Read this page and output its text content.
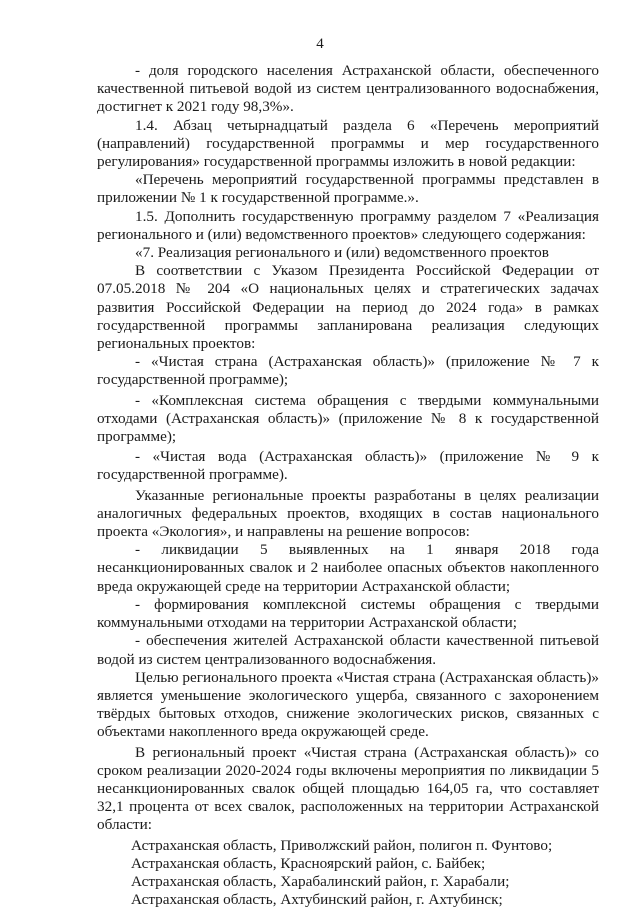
4

- доля городского населения Астраханской области, обеспеченного качественной питьевой водой из систем централизованного водоснабжения, достигнет к 2021 году 98,3%».

1.4. Абзац четырнадцатый раздела 6 «Перечень мероприятий (направлений) государственной программы и мер государственного регулирования» государственной программы изложить в новой редакции:

«Перечень мероприятий государственной программы представлен в приложении № 1 к государственной программе.».

1.5. Дополнить государственную программу разделом 7 «Реализация регионального и (или) ведомственного проектов» следующего содержания:

«7. Реализация регионального и (или) ведомственного проектов

В соответствии с Указом Президента Российской Федерации от 07.05.2018 № 204 «О национальных целях и стратегических задачах развития Российской Федерации на период до 2024 года» в рамках государственной программы запланирована реализация следующих региональных проектов:

- «Чистая страна (Астраханская область)» (приложение № 7 к государственной программе);

- «Комплексная система обращения с твердыми коммунальными отходами (Астраханская область)» (приложение № 8 к государственной программе);

- «Чистая вода (Астраханская область)» (приложение № 9 к государственной программе).

Указанные региональные проекты разработаны в целях реализации аналогичных федеральных проектов, входящих в состав национального проекта «Экология», и направлены на решение вопросов:

- ликвидации 5 выявленных на 1 января 2018 года несанкционированных свалок и 2 наиболее опасных объектов накопленного вреда окружающей среде на территории Астраханской области;

- формирования комплексной системы обращения с твердыми коммунальными отходами на территории Астраханской области;

- обеспечения жителей Астраханской области качественной питьевой водой из систем централизованного водоснабжения.

Целью регионального проекта «Чистая страна (Астраханская область)» является уменьшение экологического ущерба, связанного с захоронением твёрдых бытовых отходов, снижение экологических рисков, связанных с объектами накопленного вреда окружающей среде.

В региональный проект «Чистая страна (Астраханская область)» со сроком реализации 2020-2024 годы включены мероприятия по ликвидации 5 несанкционированных свалок общей площадью 164,05 га, что составляет 32,1 процента от всех свалок, расположенных на территории Астраханской области:

Астраханская область, Приволжский район, полигон п. Фунтово;

Астраханская область, Красноярский район, с. Байбек;

Астраханская область, Харабалинский район, г. Харабали;

Астраханская область, Ахтубинский район, г. Ахтубинск;
